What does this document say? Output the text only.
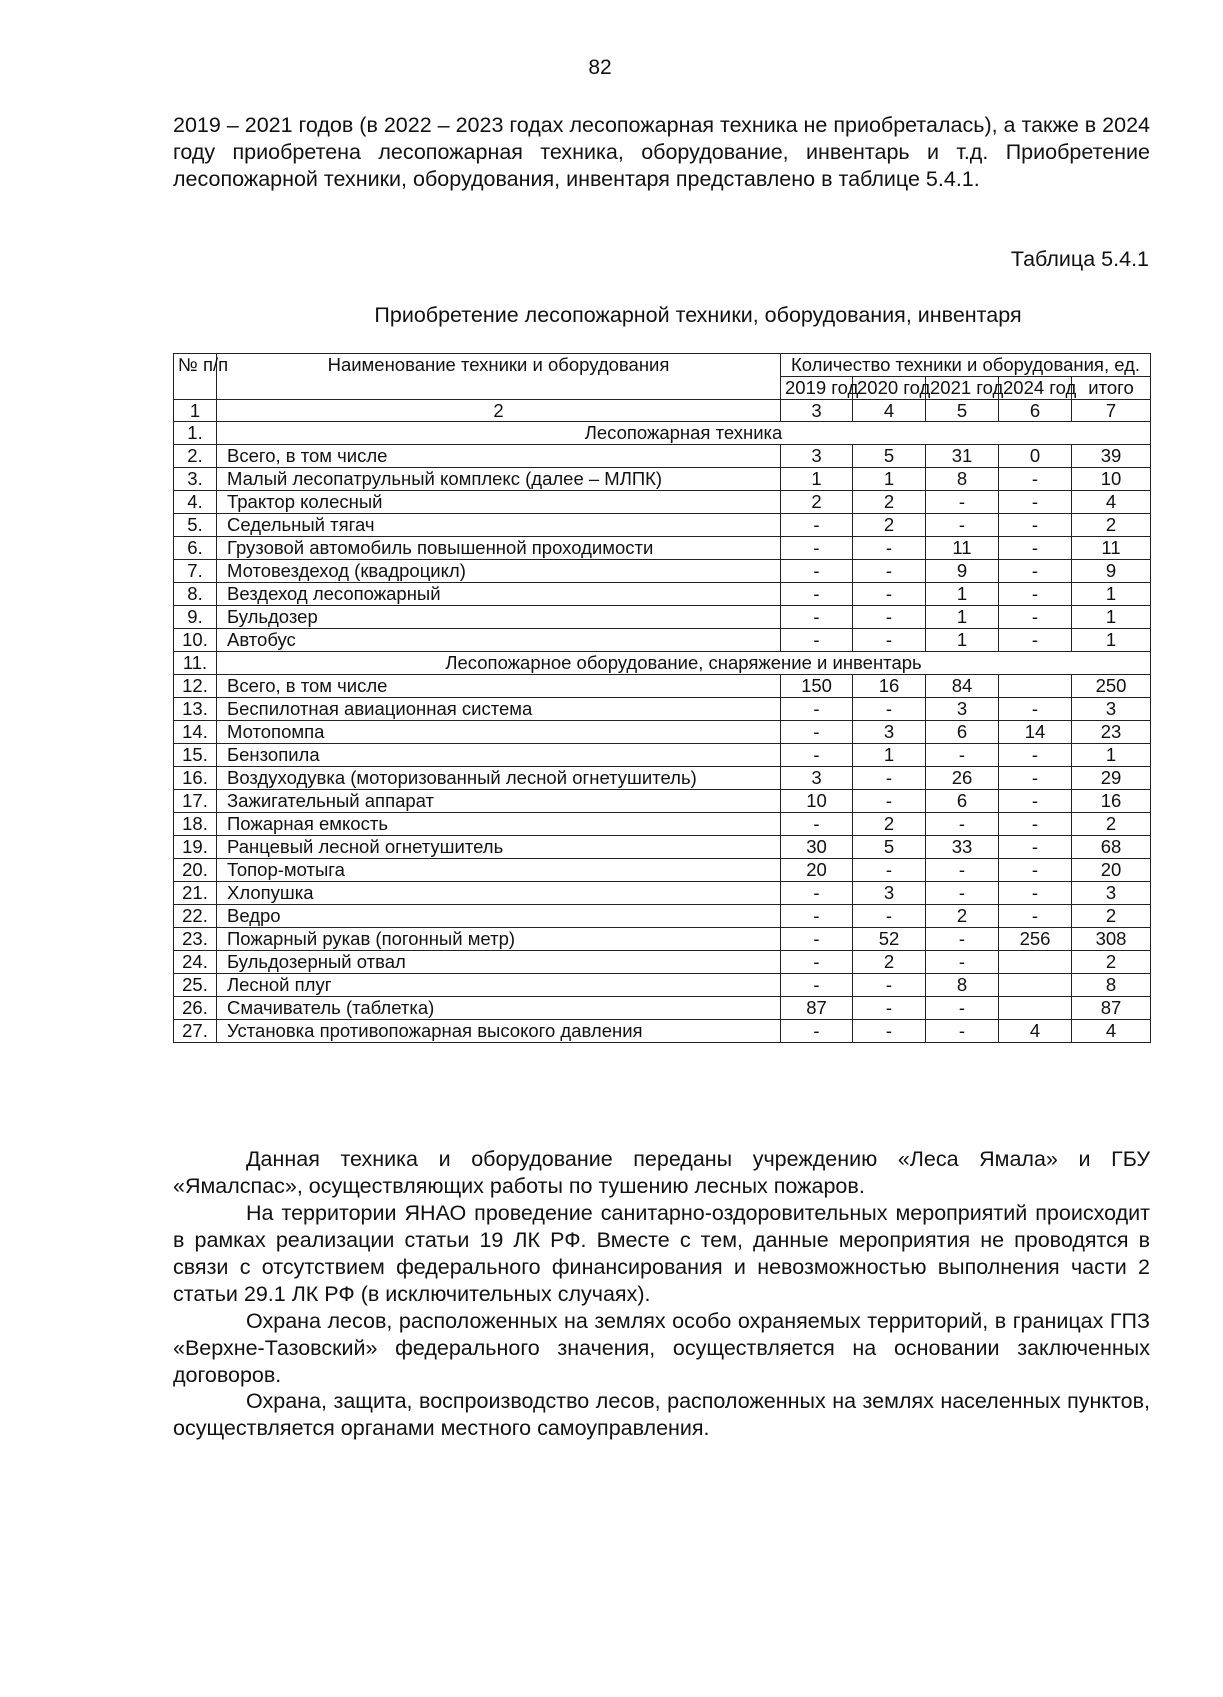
82

2019 – 2021 годов (в 2022 – 2023 годах лесопожарная техника не приобреталась), а также в 2024 году приобретена лесопожарная техника, оборудование, инвентарь и т.д. Приобретение лесопожарной техники, оборудования, инвентаря представлено в таблице 5.4.1.

Таблица 5.4.1
Приобретение лесопожарной техники, оборудования, инвентаря
№ п/п	Наименование техники и оборудования	Количество техники и оборудования, ед.				
		2019 год	2020 год	2021 год	2024 год	итого
1	2	3	4	5	6	7
1.	Лесопожарная техника					
2.	Всего, в том числе	3	5	31	0	39
3.	Малый лесопатрульный комплекс (далее – МЛПК)	1	1	8	-	10
4.	Трактор колесный	2	2	-	-	4
5.	Седельный тягач	-	2	-	-	2
6.	Грузовой автомобиль повышенной проходимости	-	-	11	-	11
7.	Мотовездеход (квадроцикл)	-	-	9	-	9
8.	Вездеход лесопожарный	-	-	1	-	1
9.	Бульдозер	-	-	1	-	1
10.	Автобус	-	-	1	-	1
11.	Лесопожарное оборудование, снаряжение и инвентарь					
12.	Всего, в том числе	150	16	84		250
13.	Беспилотная авиационная система	-	-	3	-	3
14.	Мотопомпа	-	3	6	14	23
15.	Бензопила	-	1	-	-	1
16.	Воздуходувка (моторизованный лесной огнетушитель)	3	-	26	-	29
17.	Зажигательный аппарат	10	-	6	-	16
18.	Пожарная емкость	-	2	-	-	2
19.	Ранцевый лесной огнетушитель	30	5	33	-	68
20.	Топор-мотыга	20	-	-	-	20
21.	Хлопушка	-	3	-	-	3
22.	Ведро	-	-	2	-	2
23.	Пожарный рукав (погонный метр)	-	52	-	256	308
24.	Бульдозерный отвал	-	2	-		2
25.	Лесной плуг	-	-	8		8
26.	Смачиватель (таблетка)	87	-	-		87
27.	Установка противопожарная высокого давления	-	-	-	4	4

Данная техника и оборудование переданы учреждению «Леса Ямала» и ГБУ «Ямалспас», осуществляющих работы по тушению лесных пожаров.

На территории ЯНАО проведение санитарно-оздоровительных мероприятий происходит в рамках реализации статьи 19 ЛК РФ. Вместе с тем, данные мероприятия не проводятся в связи с отсутствием федерального финансирования и невозможностью выполнения части 2 статьи 29.1 ЛК РФ (в исключительных случаях).

Охрана лесов, расположенных на землях особо охраняемых территорий, в границах ГПЗ «Верхне-Тазовский» федерального значения, осуществляется на основании заключенных договоров.

Охрана, защита, воспроизводство лесов, расположенных на землях населенных пунктов, осуществляется органами местного самоуправления.
